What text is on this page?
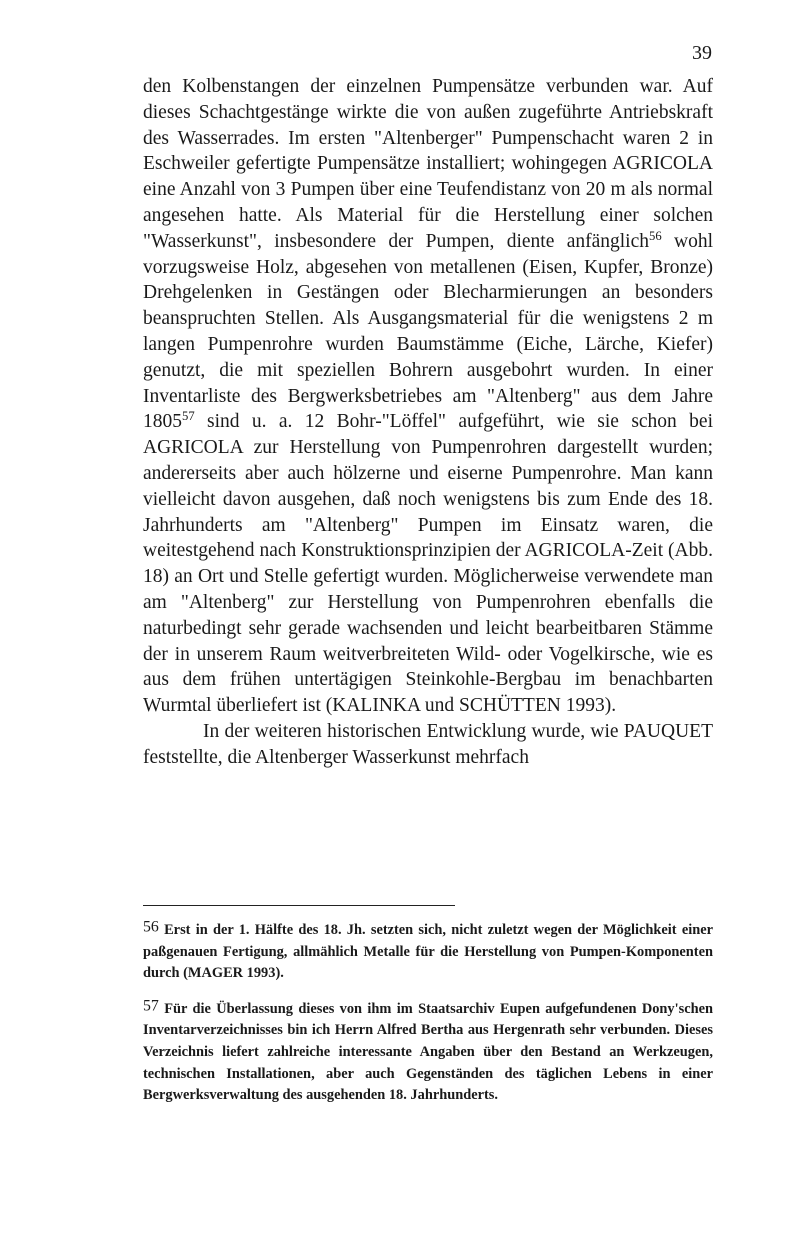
39

den Kolbenstangen der einzelnen Pumpensätze verbunden war. Auf dieses Schachtgestänge wirkte die von außen zugeführte Antriebskraft des Wasserrades. Im ersten "Altenberger" Pumpenschacht waren 2 in Eschweiler gefertigte Pumpensätze installiert; wohingegen AGRICOLA eine Anzahl von 3 Pumpen über eine Teufendistanz von 20 m als normal angesehen hatte. Als Material für die Herstellung einer solchen "Wasserkunst", insbesondere der Pumpen, diente anfänglich$^{56}$ wohl vorzugsweise Holz, abgesehen von metallenen (Eisen, Kupfer, Bronze) Drehgelenken in Gestängen oder Blecharmierungen an besonders beanspruchten Stellen. Als Ausgangsmaterial für die wenigstens 2 m langen Pumpenrohre wurden Baumstämme (Eiche, Lärche, Kiefer) genutzt, die mit speziellen Bohrern ausgebohrt wurden. In einer Inventarliste des Bergwerksbetriebes am "Altenberg" aus dem Jahre 1805$^{57}$ sind u. a. 12 Bohr-"Löffel" aufgeführt, wie sie schon bei AGRICOLA zur Herstellung von Pumpenrohren dargestellt wurden; andererseits aber auch hölzerne und eiserne Pumpenrohre. Man kann vielleicht davon ausgehen, daß noch wenigstens bis zum Ende des 18. Jahrhunderts am "Altenberg" Pumpen im Einsatz waren, die weitestgehend nach Konstruktionsprinzipien der AGRICOLA-Zeit (Abb. 18) an Ort und Stelle gefertigt wurden. Möglicherweise verwendete man am "Altenberg" zur Herstellung von Pumpenrohren ebenfalls die naturbedingt sehr gerade wachsenden und leicht bearbeitbaren Stämme der in unserem Raum weitverbreiteten Wild- oder Vogelkirsche, wie es aus dem frühen untertägigen Steinkohle-Bergbau im benachbarten Wurmtal überliefert ist (KALINKA und SCHÜTTEN 1993).

In der weiteren historischen Entwicklung wurde, wie PAUQUET feststellte, die Altenberger Wasserkunst mehrfach

$^{56}$ Erst in der 1. Hälfte des 18. Jh. setzten sich, nicht zuletzt wegen der Möglichkeit einer paßgenauen Fertigung, allmählich Metalle für die Herstellung von Pumpen-Komponenten durch (MAGER 1993).

$^{57}$ Für die Überlassung dieses von ihm im Staatsarchiv Eupen aufgefundenen Dony'schen Inventarverzeichnisses bin ich Herrn Alfred Bertha aus Hergenrath sehr verbunden. Dieses Verzeichnis liefert zahlreiche interessante Angaben über den Bestand an Werkzeugen, technischen Installationen, aber auch Gegenständen des täglichen Lebens in einer Bergwerksverwaltung des ausgehenden 18. Jahrhunderts.
